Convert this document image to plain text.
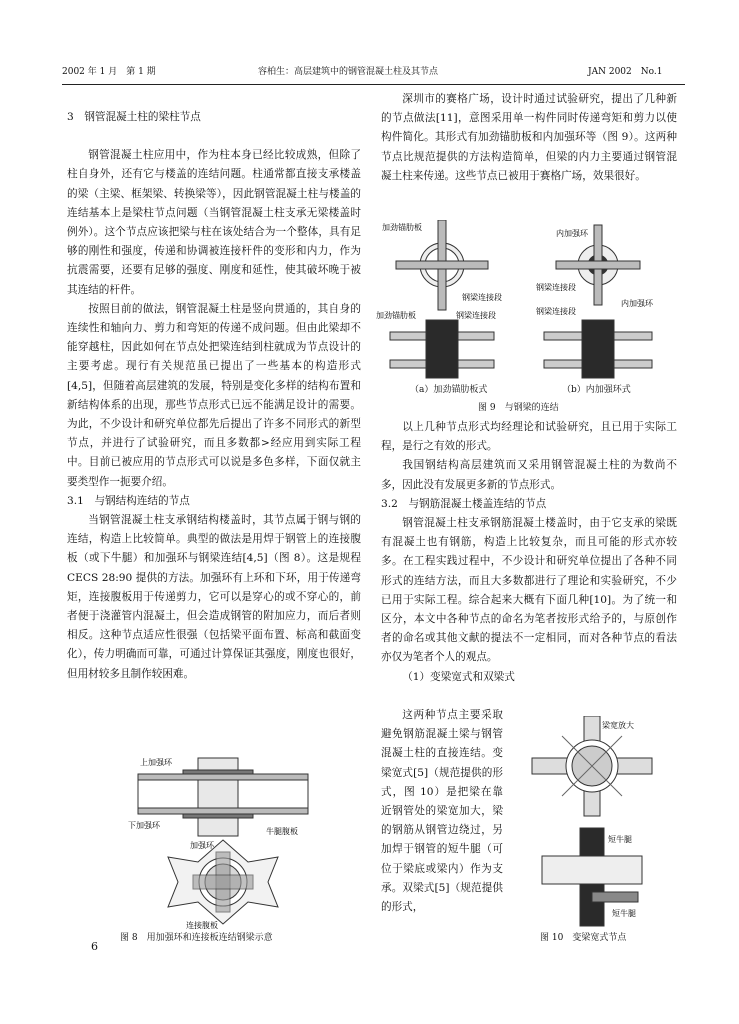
2002 年 1 月　第 1 期	容柏生：高层建筑中的钢管混凝土柱及其节点	JAN 2002　No.1

3　钢管混凝土柱的梁柱节点

钢管混凝土柱应用中，作为柱本身已经比较成熟，但除了柱自身外，还有它与楼盖的连结问题。柱通常都直接支承楼盖的梁（主梁、框架梁、转换梁等），因此钢管混凝土柱与楼盖的连结基本上是梁柱节点问题（当钢管混凝土柱支承无梁楼盖时例外）。这个节点应该把梁与柱在该处结合为一个整体，具有足够的刚性和强度，传递和协调被连接杆件的变形和内力，作为抗震需要，还要有足够的强度、刚度和延性，使其破坏晚于被其连结的杆件。

按照目前的做法，钢管混凝土柱是竖向贯通的，其自身的连续性和轴向力、剪力和弯矩的传递不成问题。但由此梁却不能穿越柱，因此如何在节点处把梁连结到柱就成为节点设计的主要考虑。现行有关规范虽已提出了一些基本的构造形式[4,5]，但随着高层建筑的发展，特别是变化多样的结构布置和新结构体系的出现，那些节点形式已远不能满足设计的需要。为此，不少设计和研究单位都先后提出了许多不同形式的新型节点，并进行了试验研究，而且多数都>经应用到实际工程中。目前已被应用的节点形式可以说是多色多样，下面仅就主要类型作一扼要介绍。

3.1　与钢结构连结的节点

当钢管混凝土柱支承钢结构楼盖时，其节点属于钢与钢的连结，构造上比较简单。典型的做法是用焊于钢管上的连接腹板（或下牛腿）和加强环与钢梁连结[4,5]（图 8）。这是规程 CECS 28:90 提供的方法。加强环有上环和下环，用于传递弯矩，连接腹板用于传递剪力，它可以是穿心的或不穿心的，前者便于浇灌管内混凝土，但会造成钢管的附加应力，而后者则相反。这种节点适应性很强（包括梁平面布置、标高和截面变化），传力明确而可靠，可通过计算保证其强度，刚度也很好，但用材较多且制作较困难。

上加强环
下加强环
牛腿腹板
加强环
连接腹板
图 8　用加强环和连接板连结钢梁示意

深圳市的赛格广场，设计时通过试验研究，提出了几种新的节点做法[11]，意图采用单一构件同时传递弯矩和剪力以使构件简化。其形式有加劲锚肋板和内加强环等（图 9）。这两种节点比规范提供的方法构造简单，但梁的内力主要通过钢管混凝土柱来传递。这些节点已被用于赛格广场，效果很好。

加劲锚肋板
钢梁连接段
加劲锚肋板	钢梁连接段
内加强环
钢梁连接段
钢梁连接段
内加强环
（a）加劲锚肋板式	（b）内加强环式
图 9　与钢梁的连结

以上几种节点形式均经理论和试验研究，且已用于实际工程，是行之有效的形式。

我国钢结构高层建筑而又采用钢管混凝土柱的为数尚不多，因此没有发展更多新的节点形式。

3.2　与钢筋混凝土楼盖连结的节点

钢管混凝土柱支承钢筋混凝土楼盖时，由于它支承的梁既有混凝土也有钢筋，构造上比较复杂，而且可能的形式亦较多。在工程实践过程中，不少设计和研究单位提出了各种不同形式的连结方法，而且大多数都进行了理论和实验研究，不少已用于实际工程。综合起来大概有下面几种[10]。为了统一和区分，本文中各种节点的命名为笔者按形式给予的，与原创作者的命名或其他文献的提法不一定相同，而对各种节点的看法亦仅为笔者个人的观点。

（1）变梁宽式和双梁式

这两种节点主要采取避免钢筋混凝土梁与钢管混凝土柱的直接连结。变梁宽式[5]（规范提供的形式，图 10）是把梁在靠近钢管处的梁宽加大，梁的钢筋从钢管边绕过，另加焊于钢管的短牛腿（可位于梁底或梁内）作为支承。双梁式[5]（规范提供的形式，

梁宽放大
短牛腿
短牛腿
图 10　变梁宽式节点
6
